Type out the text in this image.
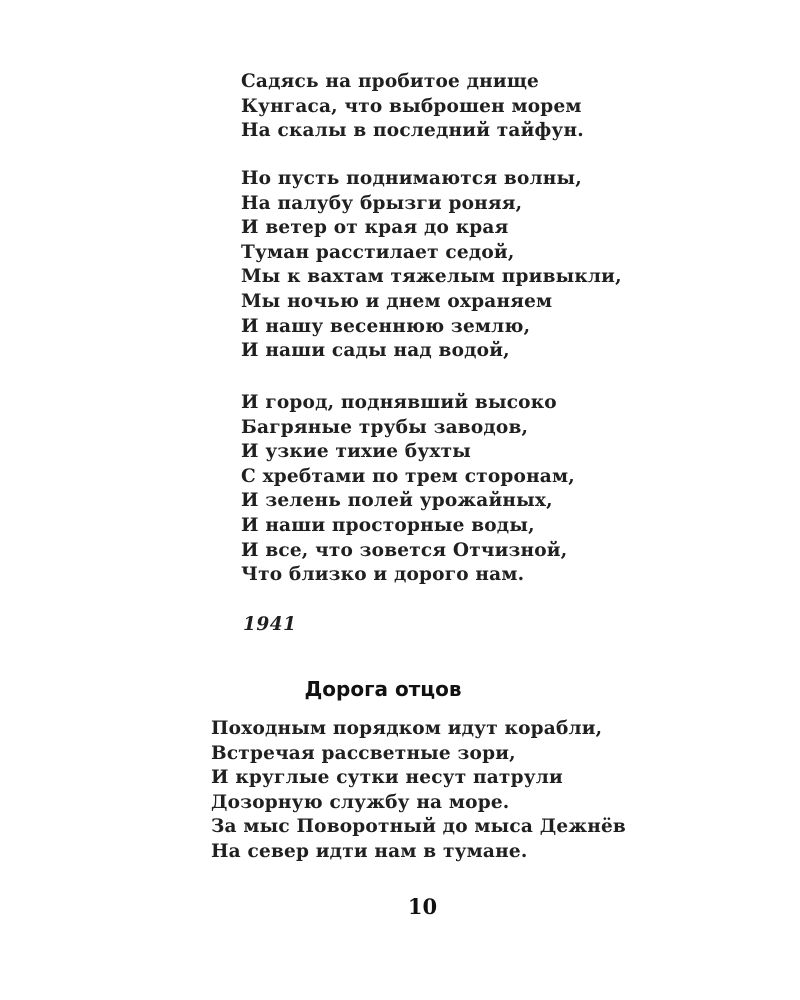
Садясь на пробитое днище
Кунгаса, что выброшен морем
На скалы в последний тайфун.
Но пусть поднимаются волны,
На палубу брызги роняя,
И ветер от края до края
Туман расстилает седой,
Мы к вахтам тяжелым привыкли,
Мы ночью и днем охраняем
И нашу весеннюю землю,
И наши сады над водой,
И город, поднявший высоко
Багряные трубы заводов,
И узкие тихие бухты
С хребтами по трем сторонам,
И зелень полей урожайных,
И наши просторные воды,
И все, что зовется Отчизной,
Что близко и дорого нам.
1941
Дорога отцов
Походным порядком идут корабли,
Встречая рассветные зори,
И круглые сутки несут патрули
Дозорную службу на море.
За мыс Поворотный до мыса Дежнёв
На север идти нам в тумане.
10
